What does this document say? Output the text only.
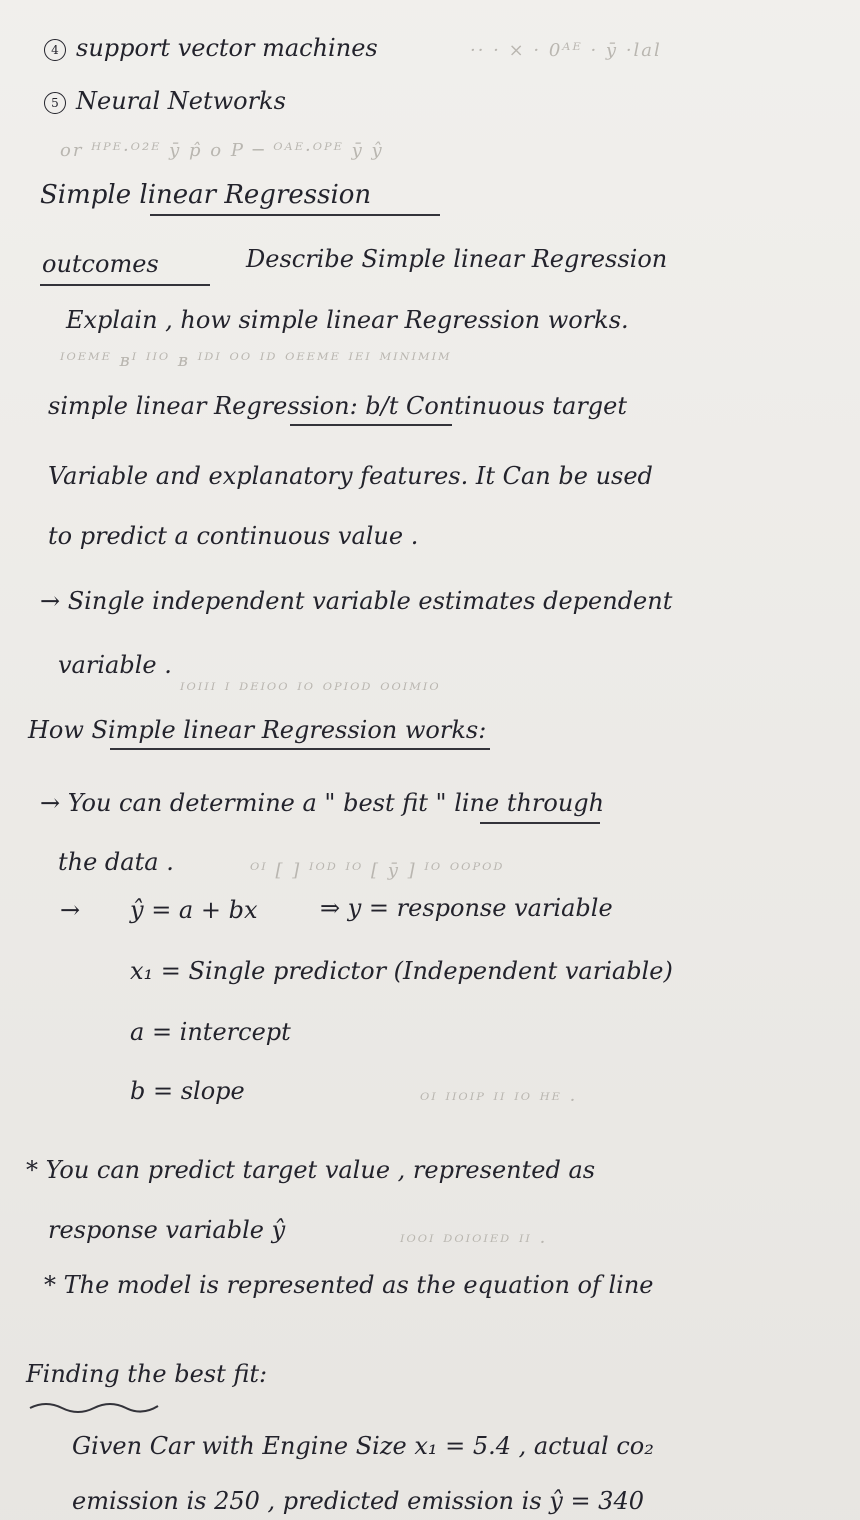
·· · × · 0ᴬᴱ · ȳ ·lal
or ᴴᴾᴱ·ᴼ²ᴱ ȳ p̂ o P ─ ᴼᴬᴱ·ᴼᴾᴱ ȳ ŷ
ᴵᴼᴱᴹᴱ ʙᴵ ᴵᴵᴼ ʙ ᴵᴰᴵ ᴼᴼ ᴵᴰ ᴼᴱᴱᴹᴱ ᴵᴱᴵ ᴹᴵᴺᴵᴹᴵᴹ
ᴵᴼᴵᴵᴵ ᴵ ᴰᴱᴵᴼᴼ ᴵᴼ ᴼᴾᴵᴼᴰ ᴼᴼᴵᴹᴵᴼ
ᴼᴵ [ ] ᴵᴼᴰ ᴵᴼ [ ȳ ] ᴵᴼ ᴼᴼᴾᴼᴰ
ᴼᴵ ᴵᴵᴼᴵᴾ ᴵᴵ ᴵᴼ ᴴᴱ ·
ᴵᴼᴼᴵ ᴰᴼᴵᴼᴵᴱᴰ ᴵᴵ ·
4 support vector machines
5 Neural Networks
Simple linear Regression
outcomes	Describe Simple linear Regression
Explain , how simple linear Regression works.
simple linear Regression: b/t Continuous target
Variable and explanatory features. It Can be used
to predict a continuous value .
→ Single independent variable estimates dependent
variable .
How Simple linear Regression works:
→ You can determine a " best fit " line through
the data .
→ ŷ = a + bx	⇒ y = response variable
x₁ = Single predictor (Independent variable)
a = intercept
b = slope
* You can predict target value , represented as
response variable ŷ
* The model is represented as the equation of line
Finding the best fit:
Given Car with Engine Size x₁ = 5.4 , actual co₂
emission is 250 , predicted emission is ŷ = 340
